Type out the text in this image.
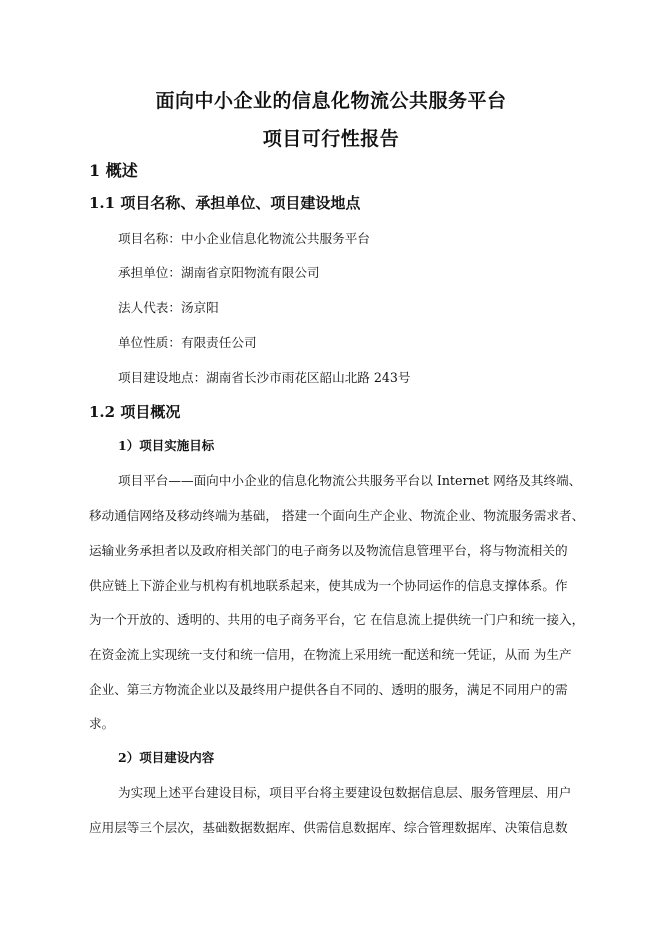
面向中小企业的信息化物流公共服务平台
项目可行性报告
1 概述
1.1 项目名称、承担单位、项目建设地点
项目名称：中小企业信息化物流公共服务平台
承担单位：湖南省京阳物流有限公司
法人代表：汤京阳
单位性质：有限责任公司
项目建设地点：湖南省长沙市雨花区韶山北路 243号
1.2 项目概况
1）项目实施目标
项目平台——面向中小企业的信息化物流公共服务平台以 Internet 网络及其终端、
移动通信网络及移动终端为基础， 搭建一个面向生产企业、物流企业、物流服务需求者、
运输业务承担者以及政府相关部门的电子商务以及物流信息管理平台，将与物流相关的
供应链上下游企业与机构有机地联系起来，使其成为一个协同运作的信息支撑体系。作
为一个开放的、透明的、共用的电子商务平台，它 在信息流上提供统一门户和统一接入，
在资金流上实现统一支付和统一信用，在物流上采用统一配送和统一凭证，从而 为生产
企业、第三方物流企业以及最终用户提供各自不同的、透明的服务，满足不同用户的需
求。
2）项目建设内容
为实现上述平台建设目标，项目平台将主要建设包数据信息层、服务管理层、用户
应用层等三个层次，基础数据数据库、供需信息数据库、综合管理数据库、决策信息数
